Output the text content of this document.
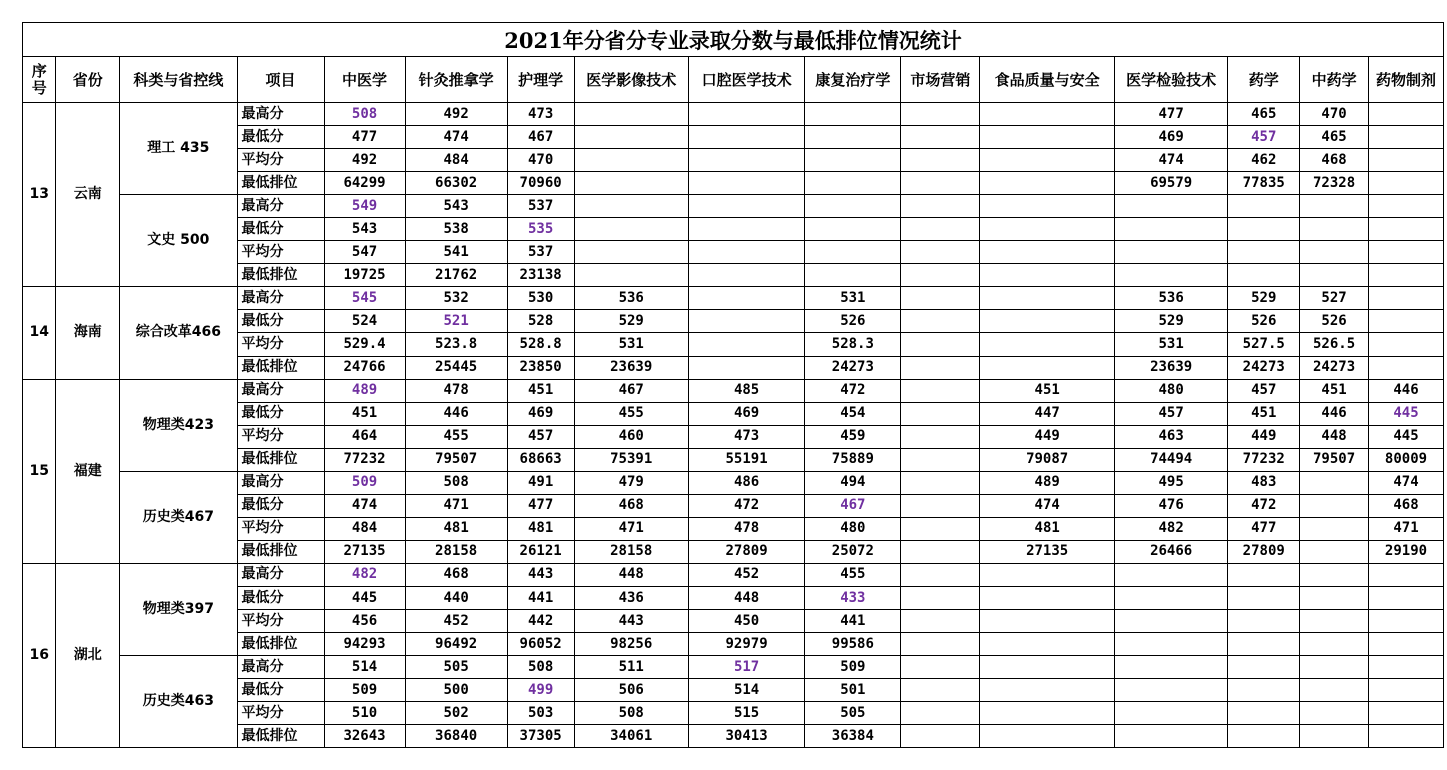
2021年分省分专业录取分数与最低排位情况统计
序
号	省份	科类与省控线	项目	中医学	针灸推拿学	护理学	医学影像技术	口腔医学技术	康复治疗学	市场营销	食品质量与安全	医学检验技术	药学	中药学	药物制剂
13	云南	理工 435	最高分	508	492	473						477	465	470	
			最低分	477	474	467						469	457	465	
			平均分	492	484	470						474	462	468	
			最低排位	64299	66302	70960						69579	77835	72328	
		文史 500	最高分	549	543	537									
			最低分	543	538	535									
			平均分	547	541	537									
			最低排位	19725	21762	23138									
14	海南	综合改革466	最高分	545	532	530	536		531			536	529	527	
			最低分	524	521	528	529		526			529	526	526	
			平均分	529.4	523.8	528.8	531		528.3			531	527.5	526.5	
			最低排位	24766	25445	23850	23639		24273			23639	24273	24273	
15	福建	物理类423	最高分	489	478	451	467	485	472		451	480	457	451	446
			最低分	451	446	469	455	469	454		447	457	451	446	445
			平均分	464	455	457	460	473	459		449	463	449	448	445
			最低排位	77232	79507	68663	75391	55191	75889		79087	74494	77232	79507	80009
		历史类467	最高分	509	508	491	479	486	494		489	495	483		474
			最低分	474	471	477	468	472	467		474	476	472		468
			平均分	484	481	481	471	478	480		481	482	477		471
			最低排位	27135	28158	26121	28158	27809	25072		27135	26466	27809		29190
16	湖北	物理类397	最高分	482	468	443	448	452	455						
			最低分	445	440	441	436	448	433						
			平均分	456	452	442	443	450	441						
			最低排位	94293	96492	96052	98256	92979	99586						
		历史类463	最高分	514	505	508	511	517	509						
			最低分	509	500	499	506	514	501						
			平均分	510	502	503	508	515	505						
			最低排位	32643	36840	37305	34061	30413	36384						
